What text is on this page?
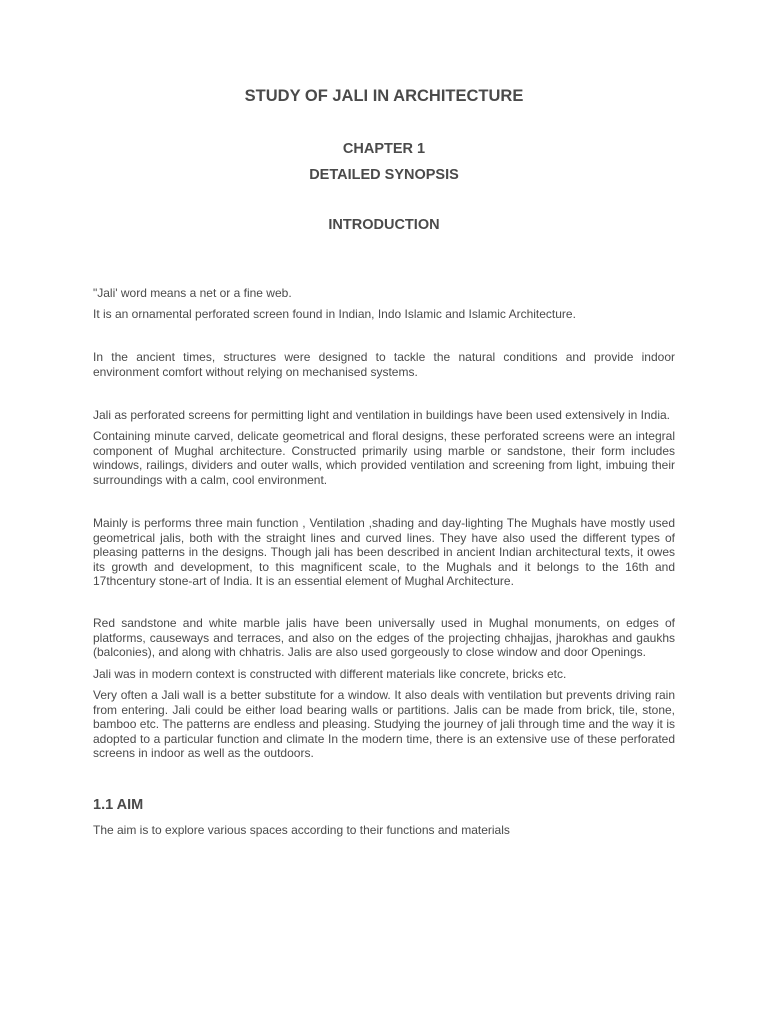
STUDY OF JALI IN ARCHITECTURE
CHAPTER 1
DETAILED SYNOPSIS
INTRODUCTION

"Jali' word means a net or a fine web.

It is an ornamental perforated screen found in Indian, Indo Islamic and Islamic Architecture.

In the ancient times, structures were designed to tackle the natural conditions and provide indoor environment comfort without relying on mechanised systems.

Jali as perforated screens for permitting light and ventilation in buildings have been used extensively in India.

Containing minute carved, delicate geometrical and floral designs, these perforated screens were an integral component of Mughal architecture. Constructed primarily using marble or sandstone, their form includes windows, railings, dividers and outer walls, which provided ventilation and screening from light, imbuing their surroundings with a calm, cool environment.

Mainly is performs three main function , Ventilation ,shading and day-lighting The Mughals have mostly used geometrical jalis, both with the straight lines and curved lines. They have also used the different types of pleasing patterns in the designs. Though jali has been described in ancient Indian architectural texts, it owes its growth and development, to this magnificent scale, to the Mughals and it belongs to the 16th and 17thcentury stone-art of India. It is an essential element of Mughal Architecture.

Red sandstone and white marble jalis have been universally used in Mughal monuments, on edges of platforms, causeways and terraces, and also on the edges of the projecting chhajjas, jharokhas and gaukhs (balconies), and along with chhatris. Jalis are also used gorgeously to close window and door Openings.

Jali was in modern context is constructed with different materials like concrete, bricks etc.

Very often a Jali wall is a better substitute for a window. It also deals with ventilation but prevents driving rain from entering. Jali could be either load bearing walls or partitions. Jalis can be made from brick, tile, stone, bamboo etc. The patterns are endless and pleasing. Studying the journey of jali through time and the way it is adopted to a particular function and climate In the modern time, there is an extensive use of these perforated screens in indoor as well as the outdoors.

1.1 AIM

The aim is to explore various spaces according to their functions and materials
